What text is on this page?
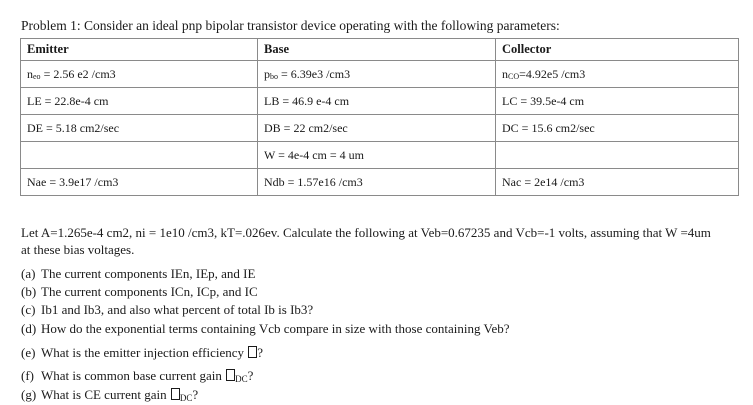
Problem 1: Consider an ideal pnp bipolar transistor device operating with the following parameters:
Emitter	Base	Collector
neo = 2.56 e2 /cm3	pbo = 6.39e3 /cm3	nCO=4.92e5 /cm3
LE = 22.8e-4 cm	LB = 46.9 e-4 cm	LC = 39.5e-4 cm
DE = 5.18 cm2/sec	DB = 22 cm2/sec	DC = 15.6 cm2/sec
	W = 4e-4 cm = 4 um	
Nae = 3.9e17 /cm3	Ndb = 1.57e16 /cm3	Nac = 2e14 /cm3
Let A=1.265e-4 cm2, ni = 1e10 /cm3, kT=.026ev. Calculate the following at Veb=0.67235 and Vcb=-1 volts, assuming that W =4um at these bias voltages.
(a) The current components IEn, IEp, and IE
(b) The current components ICn, ICp, and IC
(c) Ib1 and Ib3, and also what percent of total Ib is Ib3?
(d) How do the exponential terms containing Vcb compare in size with those containing Veb?
(e) What is the emitter injection efficiency ?
(f) What is common base current gain DC?
(g) What is CE current gain DC?
